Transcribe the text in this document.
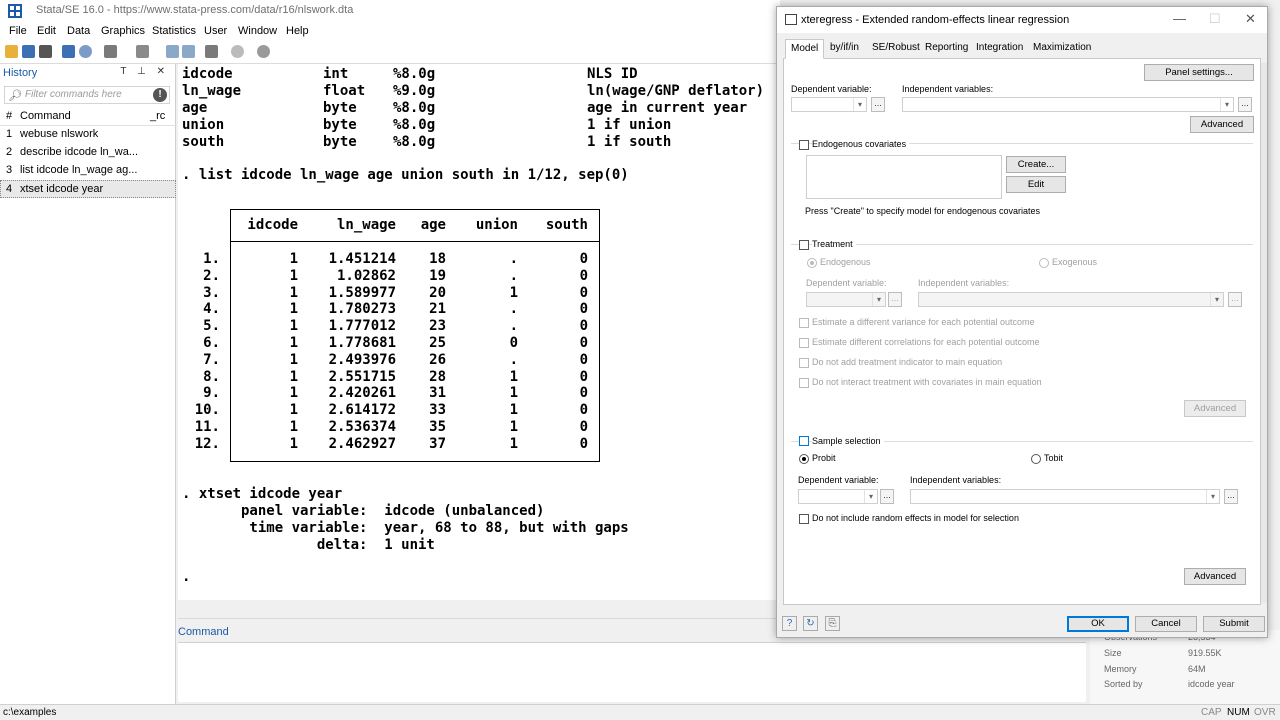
Stata/SE 16.0 - https://www.stata-press.com/data/r16/nlswork.dta
File Edit Data Graphics Statistics User Window Help
History	T ⊥ ✕
🔎︎ Filter commands here	!
# Command	_rc
1 webuse nlswork
2 describe idcode ln_wa...
3 list idcode ln_wage ag...
4 xtset idcode year
idcode	int	%8.0g	NLS ID
ln_wage	float %9.0g	ln(wage/GNP deflator)
age	byte	%8.0g	age in current year
union	byte	%8.0g	1 if union
south	byte	%8.0g	1 if south
. list idcode ln_wage age union south in 1/12, sep(0)
idcode	ln_wage	age	union	south
1.	1	1.451214	18	.	0
2.	1	1.02862	19	.	0
3.	1	1.589977	20	1	0
4.	1	1.780273	21	.	0
5.	1	1.777012	23	.	0
6.	1	1.778681	25	0	0
7.	1	2.493976	26	.	0
8.	1	2.551715	28	1	0
9.	1	2.420261	31	1	0
10.	1	2.614172	33	1	0
11.	1	2.536374	35	1	0
12.	1	2.462927	37	1	0
. xtset idcode year
panel variable:  idcode (unbalanced)
time variable:  year, 68 to 88, but with gaps
delta:  1 unit
.
Command
Size	919.55K
Memory	64M
Sorted by	idcode year
c:\examples	CAP NUM OVR
xteregress - Extended random-effects linear regression	— ☐ ✕
Model	by/if/in	SE/Robust Reporting Integration Maximization
Panel settings...
Dependent variable:
▾	...
Independent variables:
▾	...
Advanced
Endogenous covariates
Create...
Edit
Press "Create" to specify model for endogenous covariates
Treatment
Endogenous	Exogenous
Dependent variable:
▾	...
Independent variables:
▾	...
Estimate a different variance for each potential outcome
Estimate different correlations for each potential outcome
Do not add treatment indicator to main equation
Do not interact treatment with covariates in main equation
Advanced
Sample selection
Probit	Tobit
Dependent variable:
▾	...
Independent variables:
▾	...
Do not include random effects in model for selection
Advanced
?	↻	⎘	OK	Cancel	Submit
